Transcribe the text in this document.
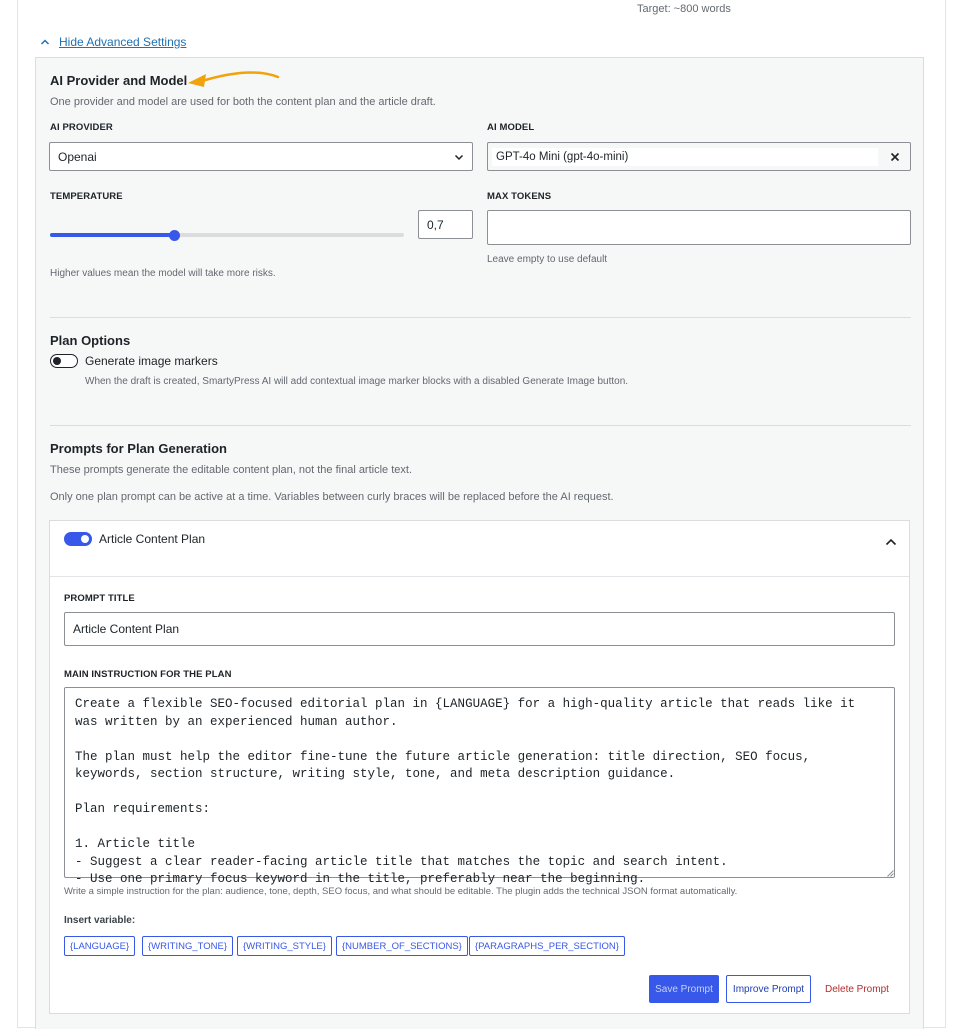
Target: ~800 words
Hide Advanced Settings
AI Provider and Model
One provider and model are used for both the content plan and the article draft.
AI PROVIDER
Openai
AI MODEL
GPT-4o Mini (gpt-4o-mini)
TEMPERATURE
0,7
Higher values mean the model will take more risks.
MAX TOKENS
Leave empty to use default
Plan Options
Generate image markers
When the draft is created, SmartyPress AI will add contextual image marker blocks with a disabled Generate Image button.
Prompts for Plan Generation
These prompts generate the editable content plan, not the final article text.
Only one plan prompt can be active at a time. Variables between curly braces will be replaced before the AI request.
Article Content Plan
PROMPT TITLE
Article Content Plan
MAIN INSTRUCTION FOR THE PLAN
Create a flexible SEO-focused editorial plan in {LANGUAGE} for a high-quality article that reads like it was written by an experienced human author.

The plan must help the editor fine-tune the future article generation: title direction, SEO focus, keywords, section structure, writing style, tone, and meta description guidance.

Plan requirements:

1. Article title
- Suggest a clear reader-facing article title that matches the topic and search intent.
- Use one primary focus keyword in the title, preferably near the beginning.
Write a simple instruction for the plan: audience, tone, depth, SEO focus, and what should be editable. The plugin adds the technical JSON format automatically.
Insert variable:
{LANGUAGE}	{WRITING_TONE}	{WRITING_STYLE}	{NUMBER_OF_SECTIONS}	{PARAGRAPHS_PER_SECTION}
Save Prompt	Improve Prompt	Delete Prompt
